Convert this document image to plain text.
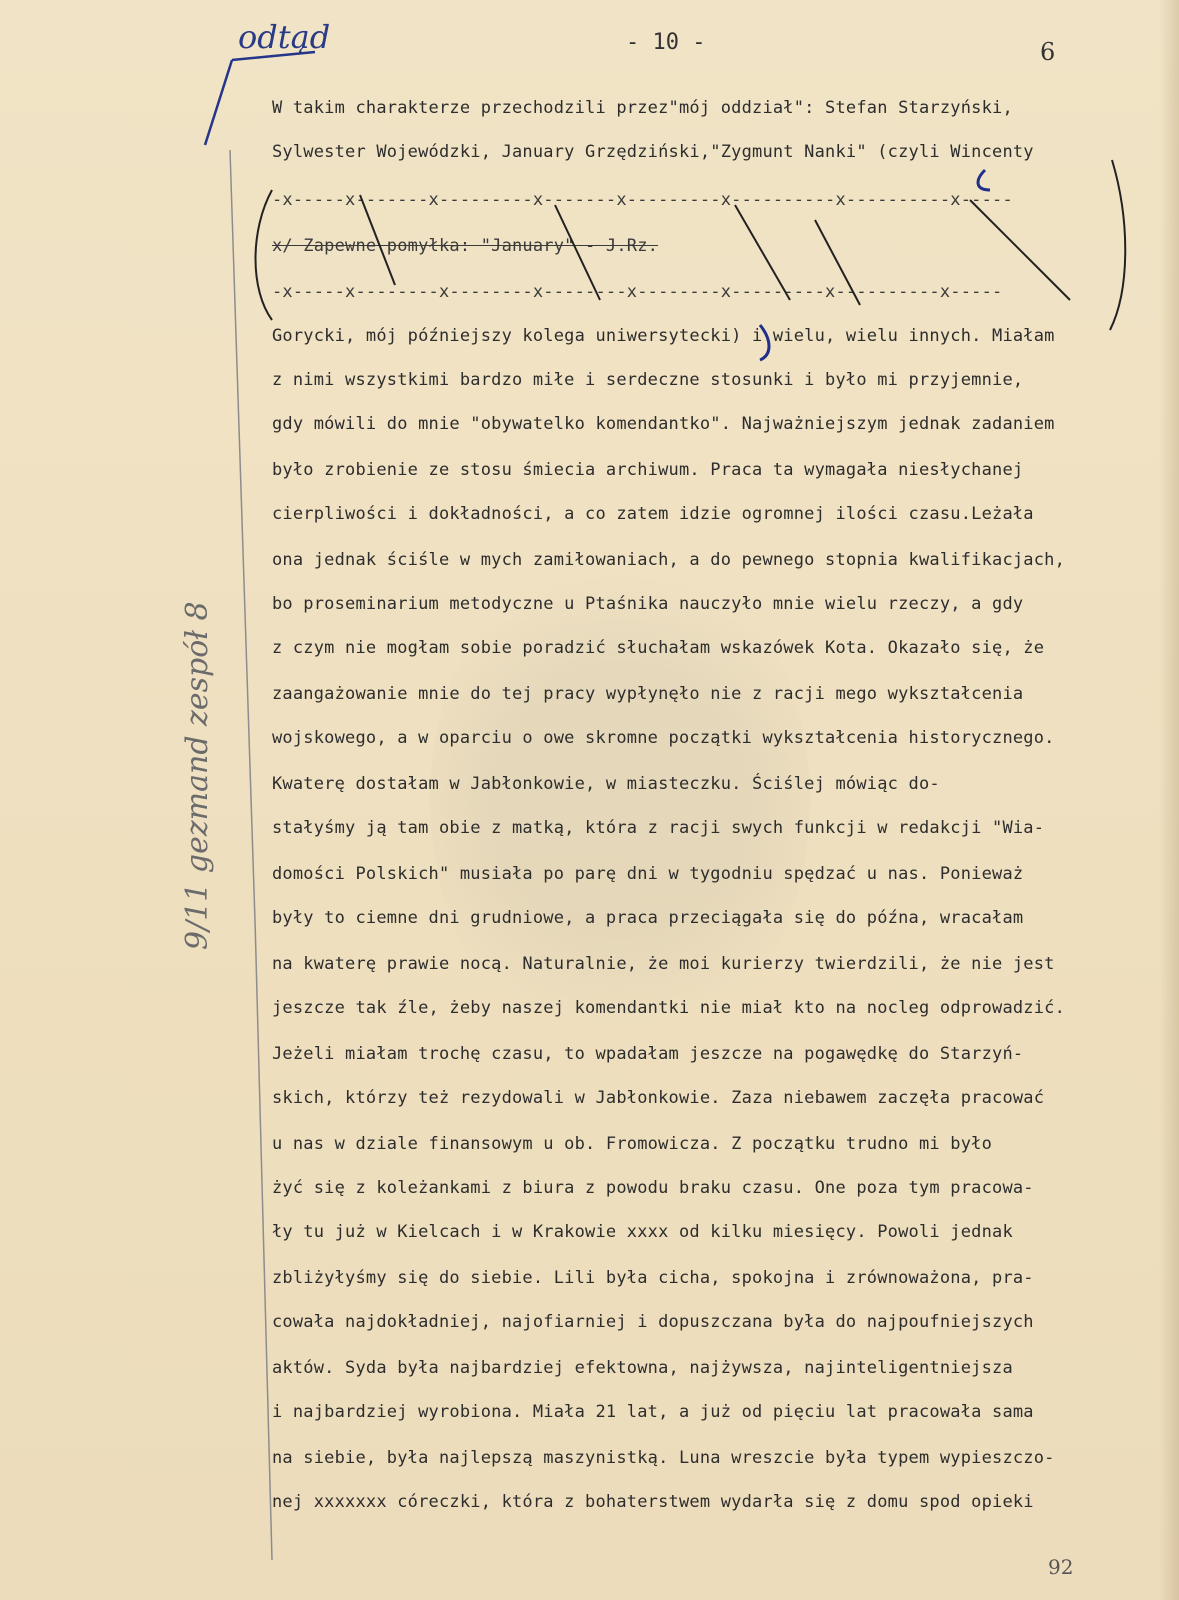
odtąd	- 10 -	6
9/11 gezmand zespół 8
W takim charakterze przechodzili przez"mój oddział": Stefan Starzyński,
Sylwester Wojewódzki, January Grzędziński,"Zygmunt Nanki" (czyli Wincenty
-x-----x-------x---------x-------x---------x----------x----------x-----
x/ Zapewne pomyłka: "January" - J.Rz.
-x-----x--------x--------x--------x--------x---------x----------x-----
Gorycki, mój późniejszy kolega uniwersytecki) i wielu, wielu innych. Miałam
z nimi wszystkimi bardzo miłe i serdeczne stosunki i było mi przyjemnie,
gdy mówili do mnie "obywatelko komendantko". Najważniejszym jednak zadaniem
było zrobienie ze stosu śmiecia archiwum. Praca ta wymagała niesłychanej
cierpliwości i dokładności, a co zatem idzie ogromnej ilości czasu.Leżała
ona jednak ściśle w mych zamiłowaniach, a do pewnego stopnia kwalifikacjach,
bo proseminarium metodyczne u Ptaśnika nauczyło mnie wielu rzeczy, a gdy
z czym nie mogłam sobie poradzić słuchałam wskazówek Kota. Okazało się, że
zaangażowanie mnie do tej pracy wypłynęło nie z racji mego wykształcenia
wojskowego, a w oparciu o owe skromne początki wykształcenia historycznego.
Kwaterę dostałam w Jabłonkowie, w miasteczku. Ściślej mówiąc do-
stałyśmy ją tam obie z matką, która z racji swych funkcji w redakcji "Wia-
domości Polskich" musiała po parę dni w tygodniu spędzać u nas. Ponieważ
były to ciemne dni grudniowe, a praca przeciągała się do późna, wracałam
na kwaterę prawie nocą. Naturalnie, że moi kurierzy twierdzili, że nie jest
jeszcze tak źle, żeby naszej komendantki nie miał kto na nocleg odprowadzić.
Jeżeli miałam trochę czasu, to wpadałam jeszcze na pogawędkę do Starzyń-
skich, którzy też rezydowali w Jabłonkowie. Zaza niebawem zaczęła pracować
u nas w dziale finansowym u ob. Fromowicza. Z początku trudno mi było
żyć się z koleżankami z biura z powodu braku czasu. One poza tym pracowa-
ły tu już w Kielcach i w Krakowie xxxx od kilku miesięcy. Powoli jednak
zbliżyłyśmy się do siebie. Lili była cicha, spokojna i zrównoważona, pra-
cowała najdokładniej, najofiarniej i dopuszczana była do najpoufniejszych
aktów. Syda była najbardziej efektowna, najżywsza, najinteligentniejsza
i najbardziej wyrobiona. Miała 21 lat, a już od pięciu lat pracowała sama
na siebie, była najlepszą maszynistką. Luna wreszcie była typem wypieszczo-
nej xxxxxxx córeczki, która z bohaterstwem wydarła się z domu spod opieki
92
